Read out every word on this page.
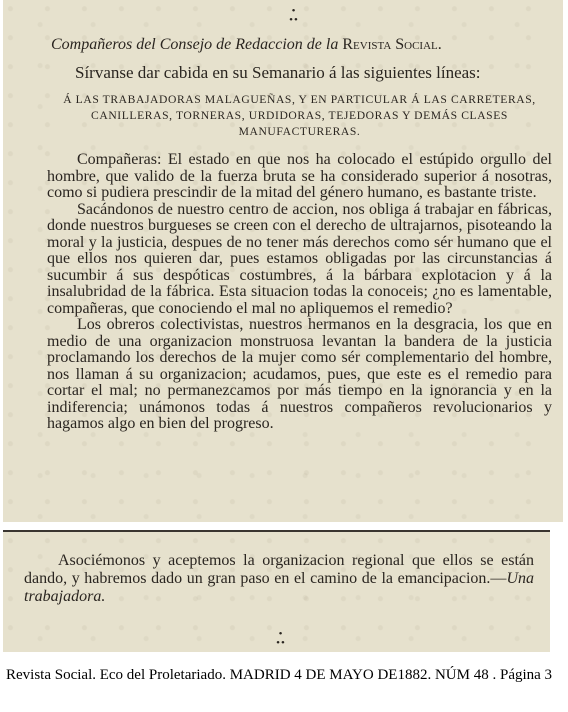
•
••
Compañeros del Consejo de Redaccion de la Revista Social.
Sírvanse dar cabida en su Semanario á las siguientes líneas:
Á LAS TRABAJADORAS MALAGUEÑAS, Y EN PARTICULAR Á LAS CARRETERAS, CANILLERAS, TORNERAS, URDIDORAS, TEJEDORAS Y DEMÁS CLASES MANUFACTURERAS.

Compañeras: El estado en que nos ha colocado el estúpido orgullo del hombre, que valido de la fuerza bruta se ha considerado superior á nosotras, como si pudiera prescindir de la mitad del género humano, es bastante triste.

Sacándonos de nuestro centro de accion, nos obliga á trabajar en fábricas, donde nuestros burgueses se creen con el derecho de ultrajarnos, pisoteando la moral y la justicia, despues de no tener más derechos como sér humano que el que ellos nos quieren dar, pues estamos obligadas por las circunstancias á sucumbir á sus despóticas costumbres, á la bárbara explotacion y á la insalubridad de la fábrica. Esta situacion todas la conoceis; ¿no es lamentable, compañeras, que conociendo el mal no apliquemos el remedio?

Los obreros colectivistas, nuestros hermanos en la desgracia, los que en medio de una organizacion monstruosa levantan la bandera de la justicia proclamando los derechos de la mujer como sér complementario del hombre, nos llaman á su organizacion; acudamos, pues, que este es el remedio para cortar el mal; no permanezcamos por más tiempo en la ignorancia y en la indiferencia; unámonos todas á nuestros compañeros revolucionarios y hagamos algo en bien del progreso.

Asociémonos y aceptemos la organizacion regional que ellos se están dando, y habremos dado un gran paso en el camino de la emancipacion.—Una trabajadora.
•
••
Revista Social. Eco del Proletariado. MADRID 4 DE MAYO DE1882. NÚM 48 . Página 3
